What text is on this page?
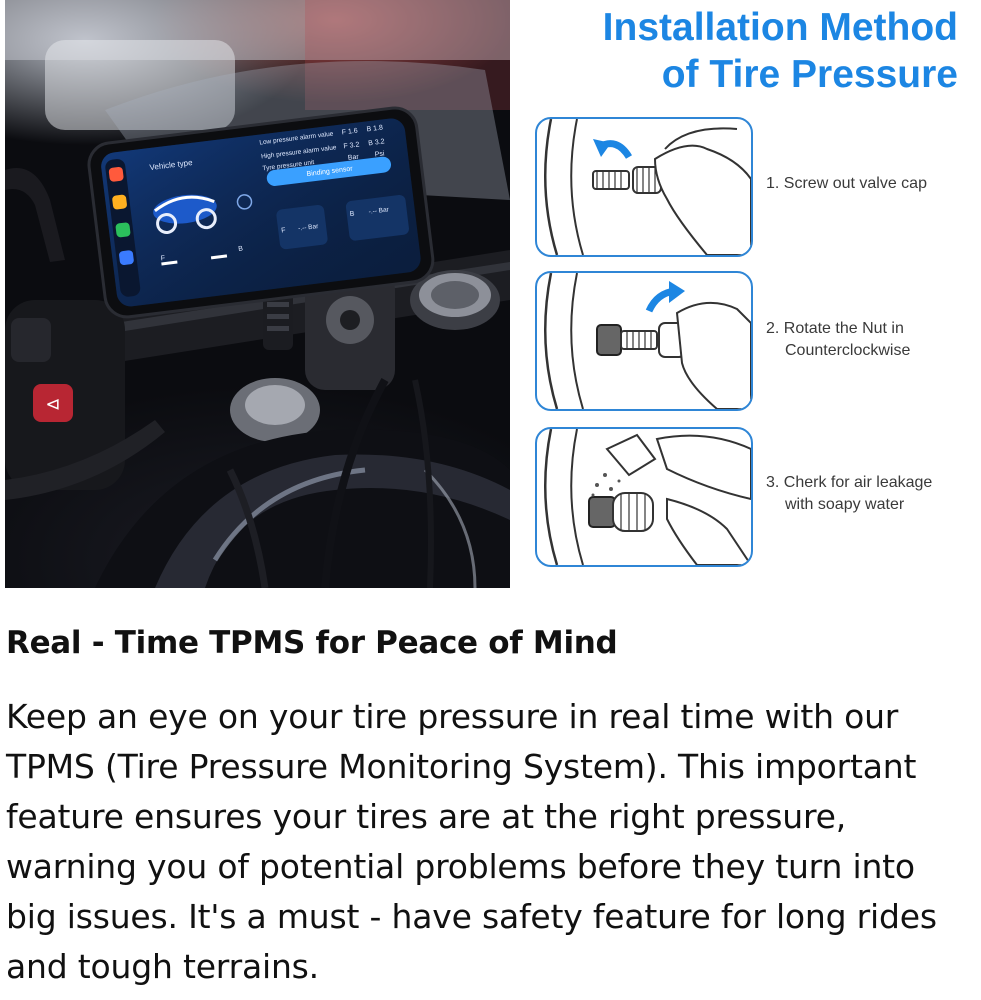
⊲
Vehicle type
Low pressure alarm value F 1.6 B 1.8
High pressure alarm value F 3.2 B 3.2
Tyre pressure unit
Bar Psi
Binding sensor
F
B
F -.-- Bar
B -.-- Bar
Installation Method
of Tire Pressure
1. Screw out valve cap
2. Rotate the Nut in
Counterclockwise
3. Cherk for air leakage
with soapy water
Real - Time TPMS for Peace of Mind
Keep an eye on your tire pressure in real time with our
TPMS (Tire Pressure Monitoring System). This important
feature ensures your tires are at the right pressure,
warning you of potential problems before they turn into
big issues. It's a must - have safety feature for long rides
and tough terrains.
